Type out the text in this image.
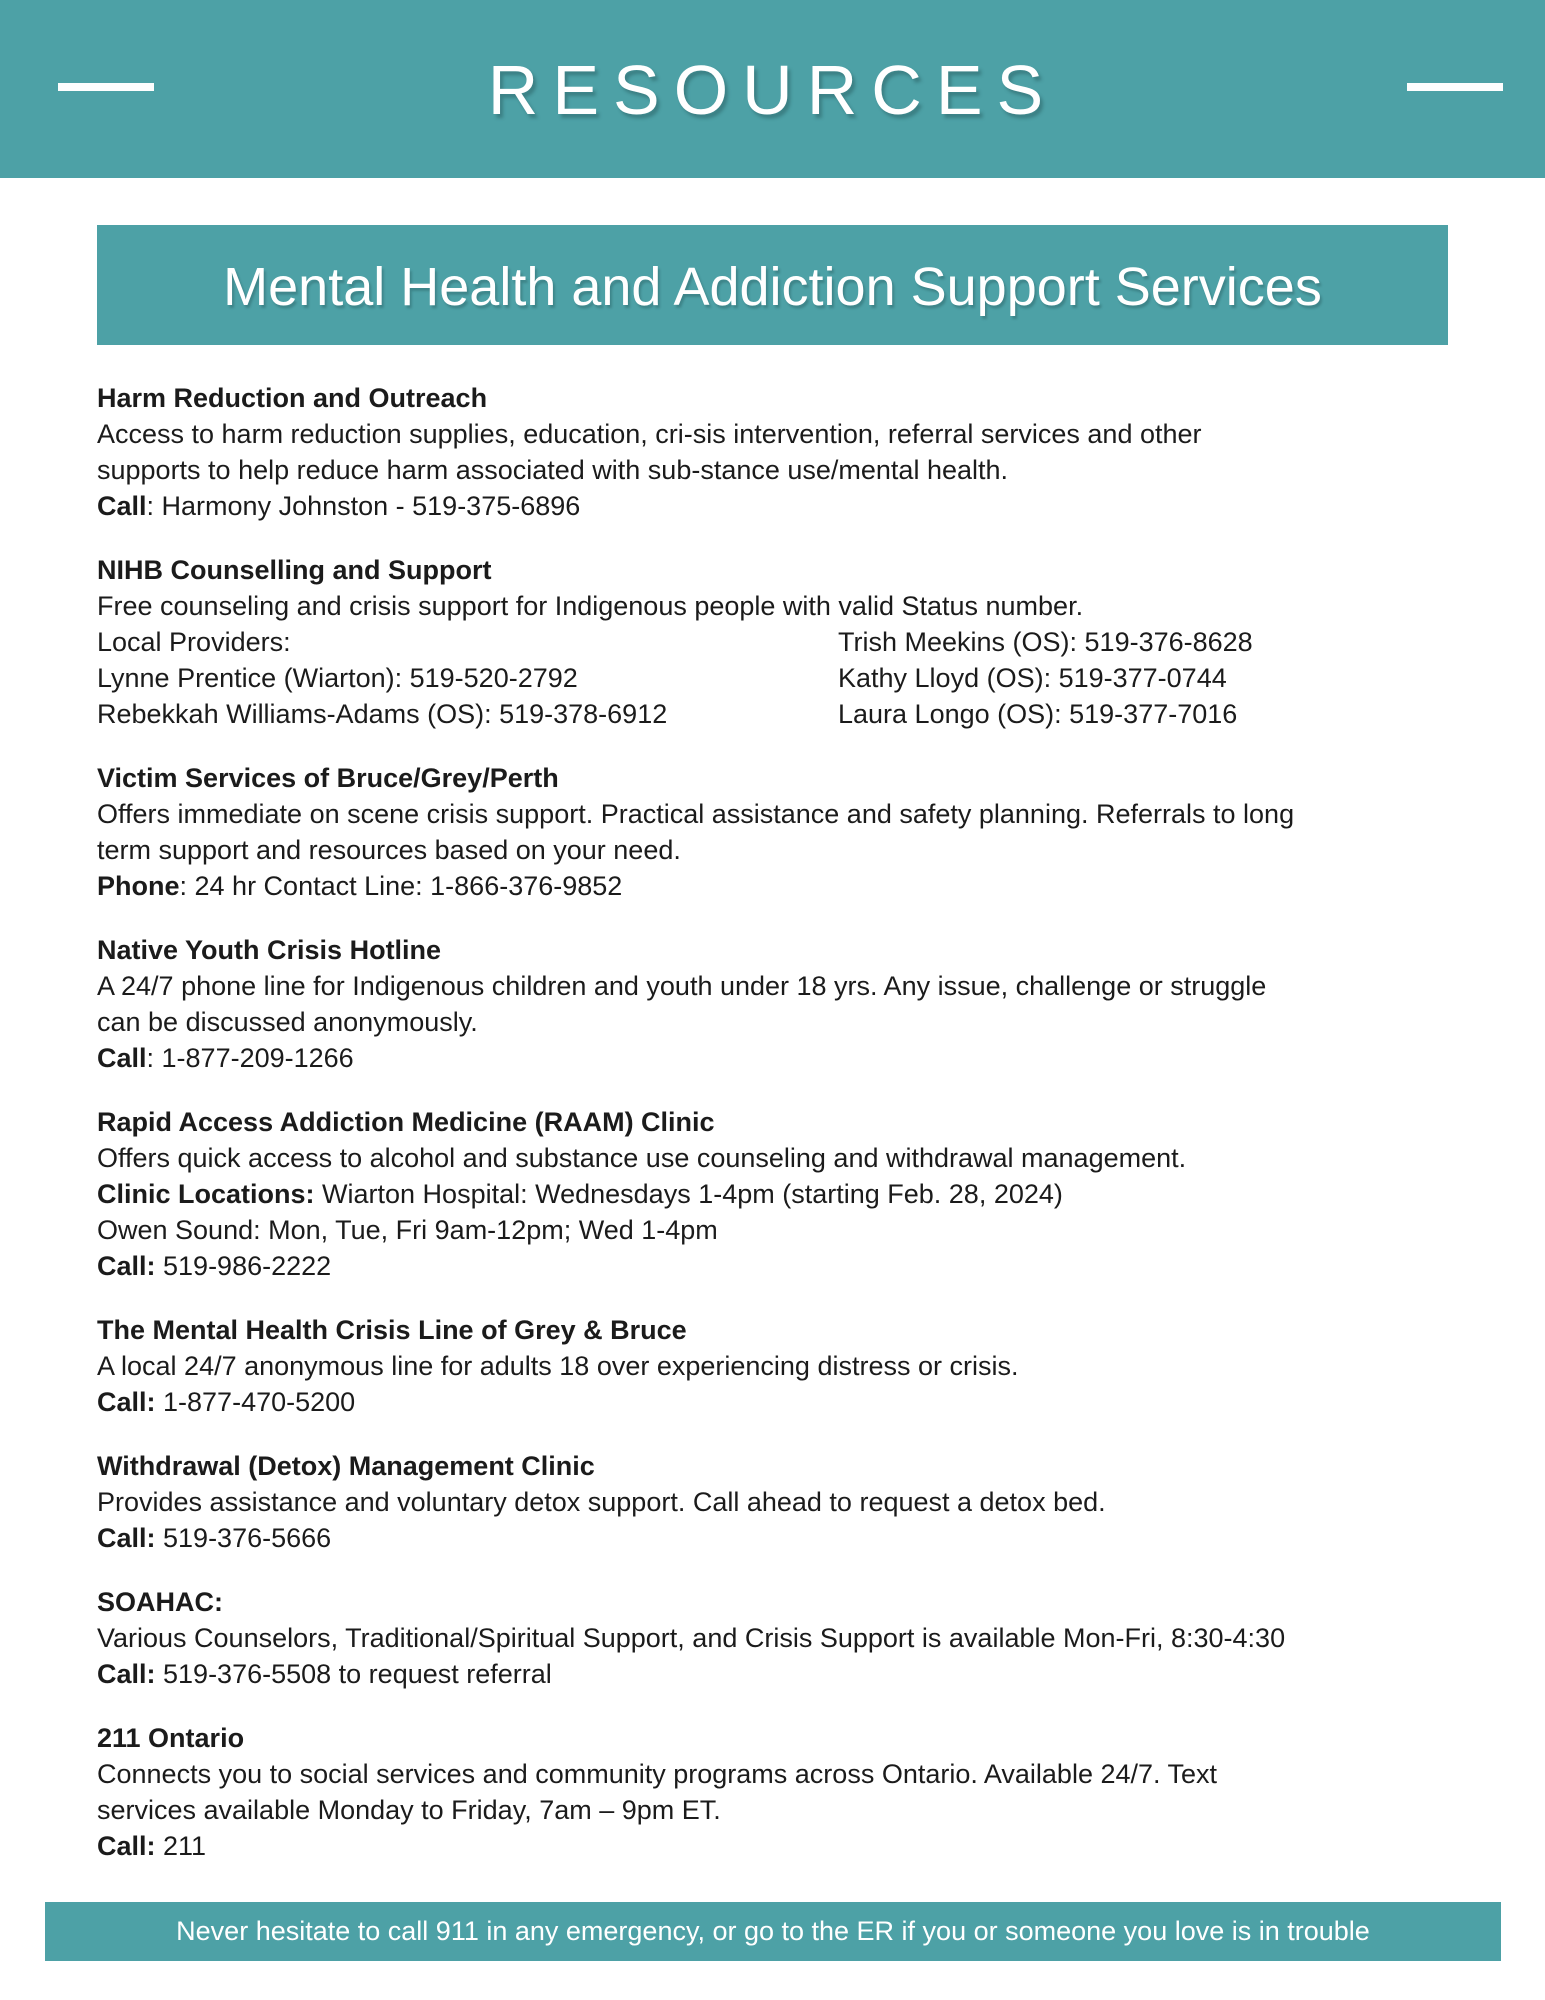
RESOURCES
Mental Health and Addiction Support Services
Harm Reduction and Outreach
Access to harm reduction supplies, education, cri-sis intervention, referral services and other
supports to help reduce harm associated with sub-stance use/mental health.
Call: Harmony Johnston - 519-375-6896
NIHB Counselling and Support
Free counseling and crisis support for Indigenous people with valid Status number.
Local Providers:	Trish Meekins (OS): 519-376-8628
Lynne Prentice (Wiarton): 519-520-2792	Kathy Lloyd (OS): 519-377-0744
Rebekkah Williams-Adams (OS): 519-378-6912	Laura Longo (OS): 519-377-7016
Victim Services of Bruce/Grey/Perth
Offers immediate on scene crisis support. Practical assistance and safety planning. Referrals to long
term support and resources based on your need.
Phone: 24 hr Contact Line: 1-866-376-9852
Native Youth Crisis Hotline
A 24/7 phone line for Indigenous children and youth under 18 yrs. Any issue, challenge or struggle
can be discussed anonymously.
Call: 1-877-209-1266
Rapid Access Addiction Medicine (RAAM) Clinic
Offers quick access to alcohol and substance use counseling and withdrawal management.
Clinic Locations: Wiarton Hospital: Wednesdays 1-4pm (starting Feb. 28, 2024)
Owen Sound: Mon, Tue, Fri 9am-12pm; Wed 1-4pm
Call: 519-986-2222
The Mental Health Crisis Line of Grey & Bruce
A local 24/7 anonymous line for adults 18 over experiencing distress or crisis.
Call: 1-877-470-5200
Withdrawal (Detox) Management Clinic
Provides assistance and voluntary detox support. Call ahead to request a detox bed.
Call: 519-376-5666
SOAHAC:
Various Counselors, Traditional/Spiritual Support, and Crisis Support is available Mon-Fri, 8:30-4:30
Call: 519-376-5508 to request referral
211 Ontario
Connects you to social services and community programs across Ontario. Available 24/7. Text
services available Monday to Friday, 7am – 9pm ET.
Call: 211
Never hesitate to call 911 in any emergency, or go to the ER if you or someone you love is in trouble
